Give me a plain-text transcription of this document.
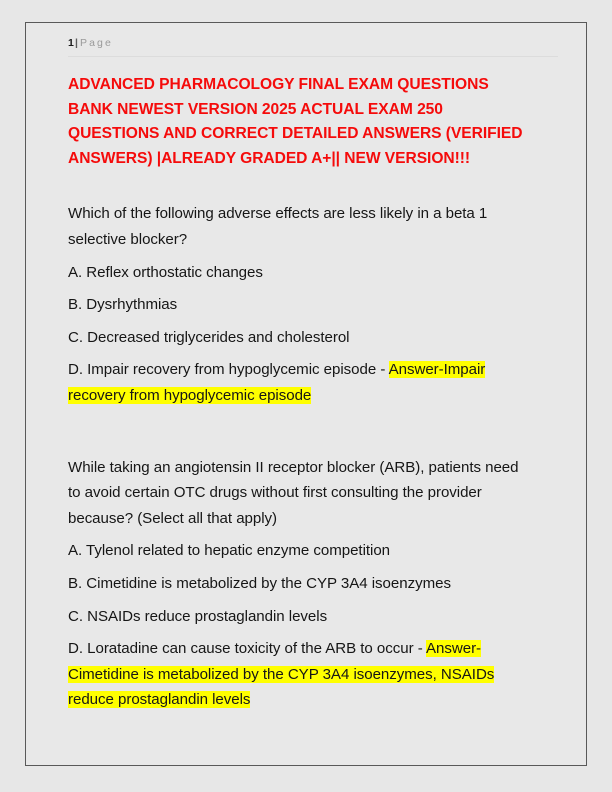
1| Page
ADVANCED PHARMACOLOGY FINAL EXAM QUESTIONS BANK NEWEST VERSION 2025 ACTUAL EXAM 250 QUESTIONS AND CORRECT DETAILED ANSWERS (VERIFIED ANSWERS) |ALREADY GRADED A+|| NEW VERSION!!!
Which of the following adverse effects are less likely in a beta 1 selective blocker?
A. Reflex orthostatic changes
B. Dysrhythmias
C. Decreased triglycerides and cholesterol
D. Impair recovery from hypoglycemic episode - Answer-Impair recovery from hypoglycemic episode
While taking an angiotensin II receptor blocker (ARB), patients need to avoid certain OTC drugs without first consulting the provider because? (Select all that apply)
A. Tylenol related to hepatic enzyme competition
B. Cimetidine is metabolized by the CYP 3A4 isoenzymes
C. NSAIDs reduce prostaglandin levels
D. Loratadine can cause toxicity of the ARB to occur - Answer-Cimetidine is metabolized by the CYP 3A4 isoenzymes, NSAIDs reduce prostaglandin levels
